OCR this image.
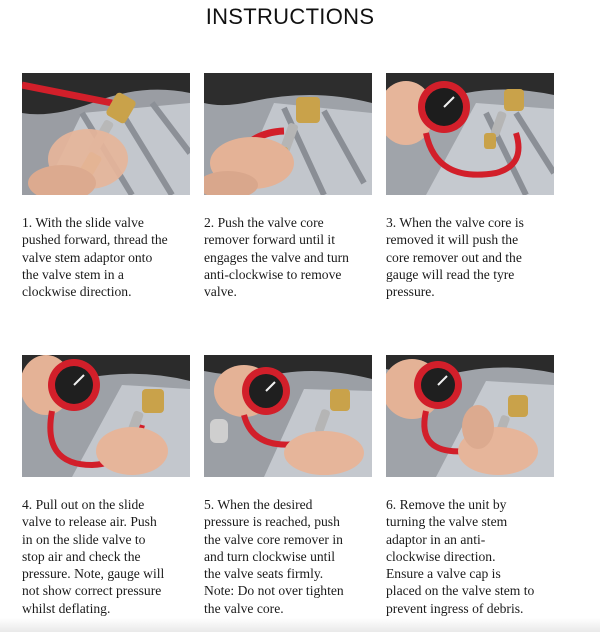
INSTRUCTIONS
1. With the slide valve
pushed forward, thread the
valve stem adaptor onto
the valve stem in a
clockwise direction.
2. Push the valve core
remover forward until it
engages the valve and turn
anti-clockwise to remove
valve.
3. When the valve core is
removed it will push the
core remover out and the
gauge will read the tyre
pressure.
4. Pull out on the slide
valve to release air. Push
in on the slide valve to
stop air and check the
pressure. Note, gauge will
not show correct pressure
whilst deflating.
5. When the desired
pressure is reached, push
the valve core remover in
and turn clockwise until
the valve seats firmly.
Note: Do not over tighten
the valve core.
6. Remove the unit by
turning the valve stem
adaptor in an anti-
clockwise direction.
Ensure a valve cap is
placed on the valve stem to
prevent ingress of debris.
